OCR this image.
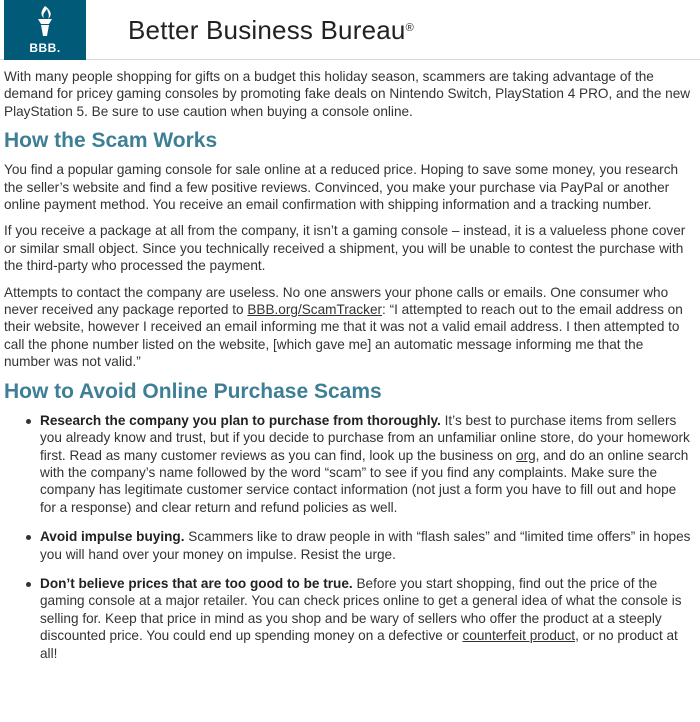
BBB.
Better Business Bureau®

With many people shopping for gifts on a budget this holiday season, scammers are taking advantage of the demand for pricey gaming consoles by promoting fake deals on Nintendo Switch, PlayStation 4 PRO, and the new PlayStation 5. Be sure to use caution when buying a console online.

How the Scam Works

You find a popular gaming console for sale online at a reduced price. Hoping to save some money, you research the seller’s website and find a few positive reviews. Convinced, you make your purchase via PayPal or another online payment method. You receive an email confirmation with shipping information and a tracking number.

If you receive a package at all from the company, it isn’t a gaming console – instead, it is a valueless phone cover or similar small object. Since you technically received a shipment, you will be unable to contest the purchase with the third-party who processed the payment.

Attempts to contact the company are useless. No one answers your phone calls or emails. One consumer who never received any package reported to BBB.org/ScamTracker: “I attempted to reach out to the email address on their website, however I received an email informing me that it was not a valid email address. I then attempted to call the phone number listed on the website, [which gave me] an automatic message informing me that the number was not valid.”

How to Avoid Online Purchase Scams
Research the company you plan to purchase from thoroughly. It’s best to purchase items from sellers you already know and trust, but if you decide to purchase from an unfamiliar online store, do your homework first. Read as many customer reviews as you can find, look up the business on org, and do an online search with the company’s name followed by the word “scam” to see if you find any complaints. Make sure the company has legitimate customer service contact information (not just a form you have to fill out and hope for a response) and clear return and refund policies as well.
Avoid impulse buying. Scammers like to draw people in with “flash sales” and “limited time offers” in hopes you will hand over your money on impulse. Resist the urge.
Don’t believe prices that are too good to be true. Before you start shopping, find out the price of the gaming console at a major retailer. You can check prices online to get a general idea of what the console is selling for. Keep that price in mind as you shop and be wary of sellers who offer the product at a steeply discounted price. You could end up spending money on a defective or counterfeit product, or no product at all!
